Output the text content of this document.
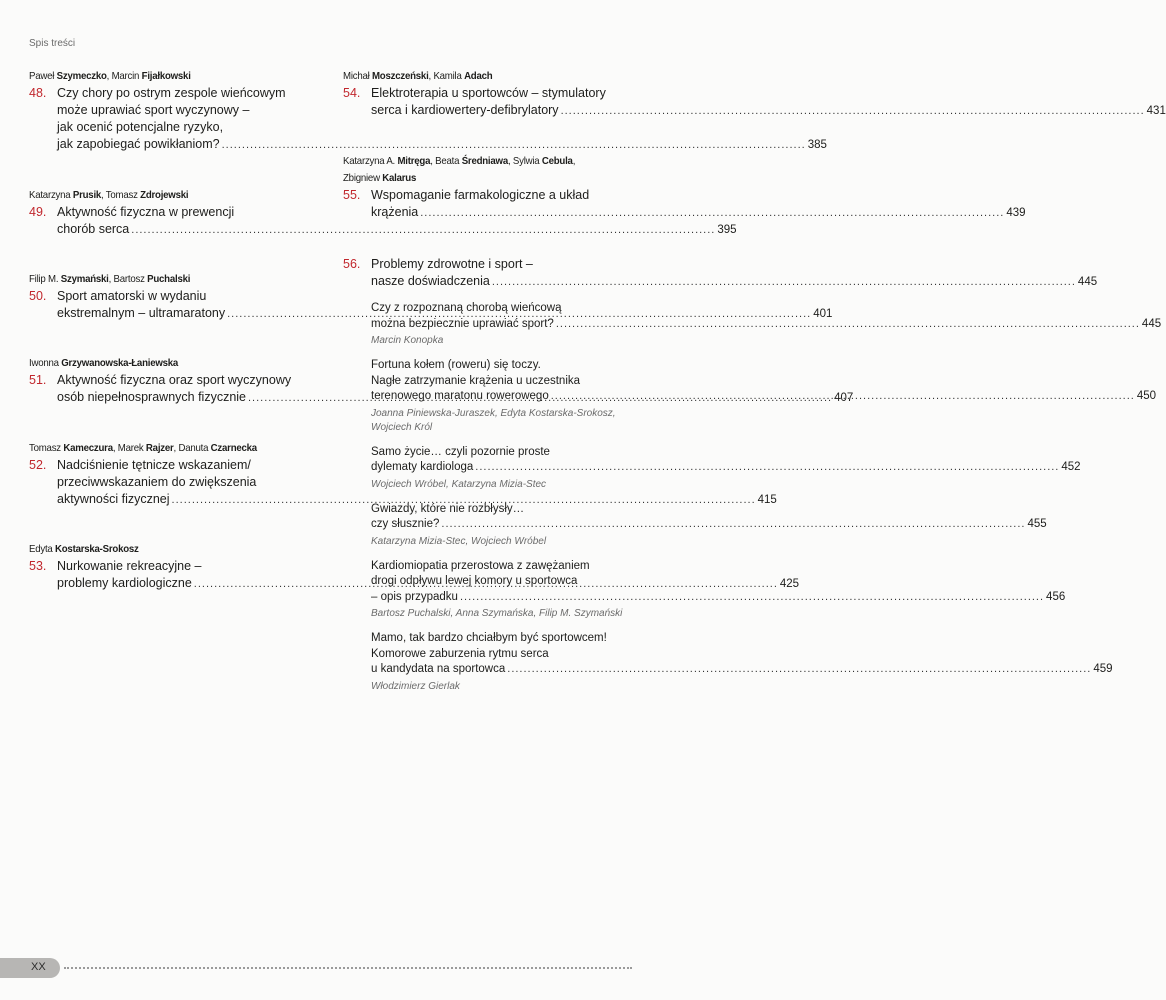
Spis treści
Paweł Szymeczko, Marcin Fijałkowski
48. Czy chory po ostrym zespole wieńcowym
może uprawiać sport wyczynowy –
jak ocenić potencjalne ryzyko,
jak zapobiegać powikłaniom? .....	385
Katarzyna Prusik, Tomasz Zdrojewski
49. Aktywność fizyczna w prewencji
chorób serca .....	395
Filip M. Szymański, Bartosz Puchalski
50. Sport amatorski w wydaniu
ekstremalnym – ultramaratony .....	401
Iwonna Grzywanowska-Łaniewska
51. Aktywność fizyczna oraz sport wyczynowy
osób niepełnosprawnych fizycznie .....	407
Tomasz Kameczura, Marek Rajzer, Danuta Czarnecka
52. Nadciśnienie tętnicze wskazaniem/
przeciwwskazaniem do zwiększenia
aktywności fizycznej .....	415
Edyta Kostarska-Srokosz
53. Nurkowanie rekreacyjne –
problemy kardiologiczne .....	425
Michał Moszczeński, Kamila Adach
54. Elektroterapia u sportowców – stymulatory
serca i kardiowertery-defibrylatory .....	431
Katarzyna A. Mitręga, Beata Średniawa, Sylwia Cebula,
Zbigniew Kalarus
55. Wspomaganie farmakologiczne a układ
krążenia .....	439
56. Problemy zdrowotne i sport –
nasze doświadczenia .....	445
Czy z rozpoznaną chorobą wieńcową
można bezpiecznie uprawiać sport? .....	445
Marcin Konopka
Fortuna kołem (roweru) się toczy.
Nagłe zatrzymanie krążenia u uczestnika
terenowego maratonu rowerowego .....	450
Joanna Piniewska-Juraszek, Edyta Kostarska-Srokosz,
Wojciech Król
Samo życie… czyli pozornie proste
dylematy kardiologa .....	452
Wojciech Wróbel, Katarzyna Mizia-Stec
Gwiazdy, które nie rozbłysły…
czy słusznie? .....	455
Katarzyna Mizia-Stec, Wojciech Wróbel
Kardiomiopatia przerostowa z zawężaniem
drogi odpływu lewej komory u sportowca
– opis przypadku .....	456
Bartosz Puchalski, Anna Szymańska, Filip M. Szymański
Mamo, tak bardzo chciałbym być sportowcem!
Komorowe zaburzenia rytmu serca
u kandydata na sportowca .....	459
Włodzimierz Gierlak
XX
